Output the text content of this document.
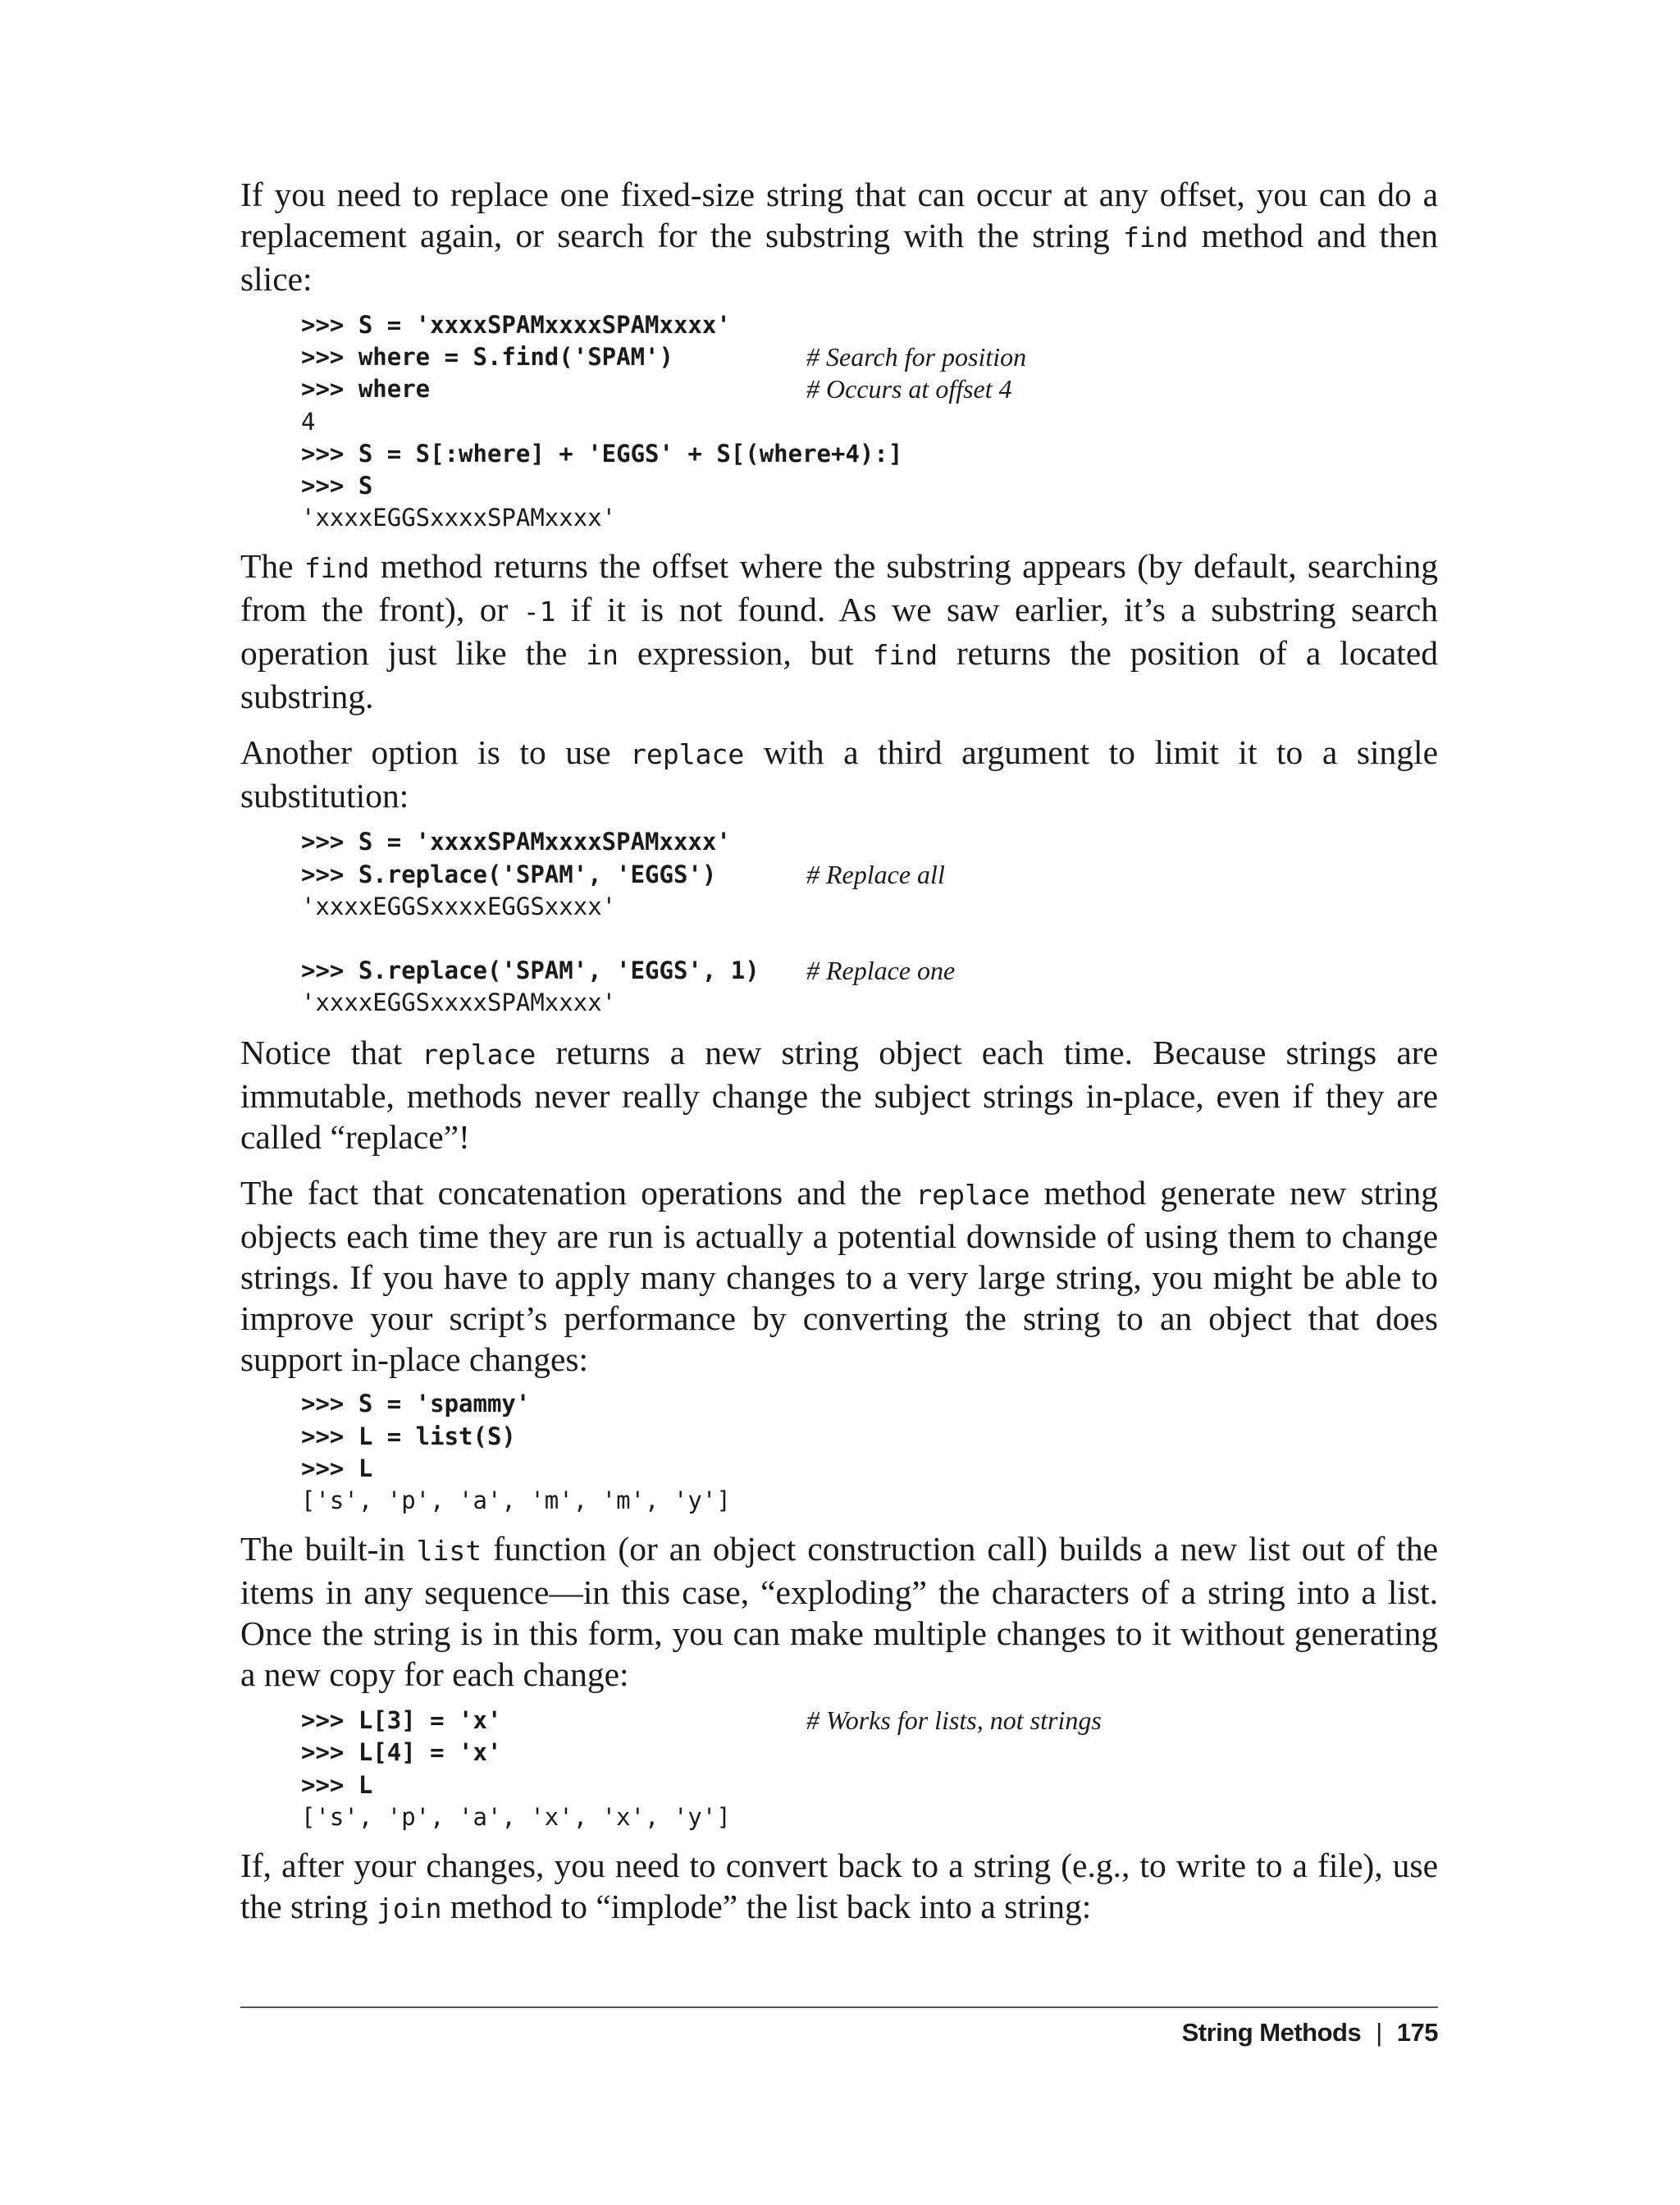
If you need to replace one fixed-size string that can occur at any offset, you can do a replacement again, or search for the substring with the string find method and then slice:

>>> S = 'xxxxSPAMxxxxSPAMxxxx'
>>> where = S.find('SPAM')	# Search for position
>>> where	# Occurs at offset 4
4
>>> S = S[:where] + 'EGGS' + S[(where+4):]
>>> S
'xxxxEGGSxxxxSPAMxxxx'

The find method returns the offset where the substring appears (by default, searching from the front), or -1 if it is not found. As we saw earlier, it’s a substring search operation just like the in expression, but find returns the position of a located substring.

Another option is to use replace with a third argument to limit it to a single substitution:

>>> S = 'xxxxSPAMxxxxSPAMxxxx'
>>> S.replace('SPAM', 'EGGS')	# Replace all
'xxxxEGGSxxxxEGGSxxxx'
>>> S.replace('SPAM', 'EGGS', 1) # Replace one
'xxxxEGGSxxxxSPAMxxxx'

Notice that replace returns a new string object each time. Because strings are immutable, methods never really change the subject strings in-place, even if they are called “replace”!

The fact that concatenation operations and the replace method generate new string objects each time they are run is actually a potential downside of using them to change strings. If you have to apply many changes to a very large string, you might be able to improve your script’s performance by converting the string to an object that does support in-place changes:

>>> S = 'spammy'
>>> L = list(S)
>>> L
['s', 'p', 'a', 'm', 'm', 'y']

The built-in list function (or an object construction call) builds a new list out of the items in any sequence—in this case, “exploding” the characters of a string into a list. Once the string is in this form, you can make multiple changes to it without generating a new copy for each change:

>>> L[3] = 'x'	# Works for lists, not strings
>>> L[4] = 'x'
>>> L
['s', 'p', 'a', 'x', 'x', 'y']

If, after your changes, you need to convert back to a string (e.g., to write to a file), use the string join method to “implode” the list back into a string:

String Methods | 175
